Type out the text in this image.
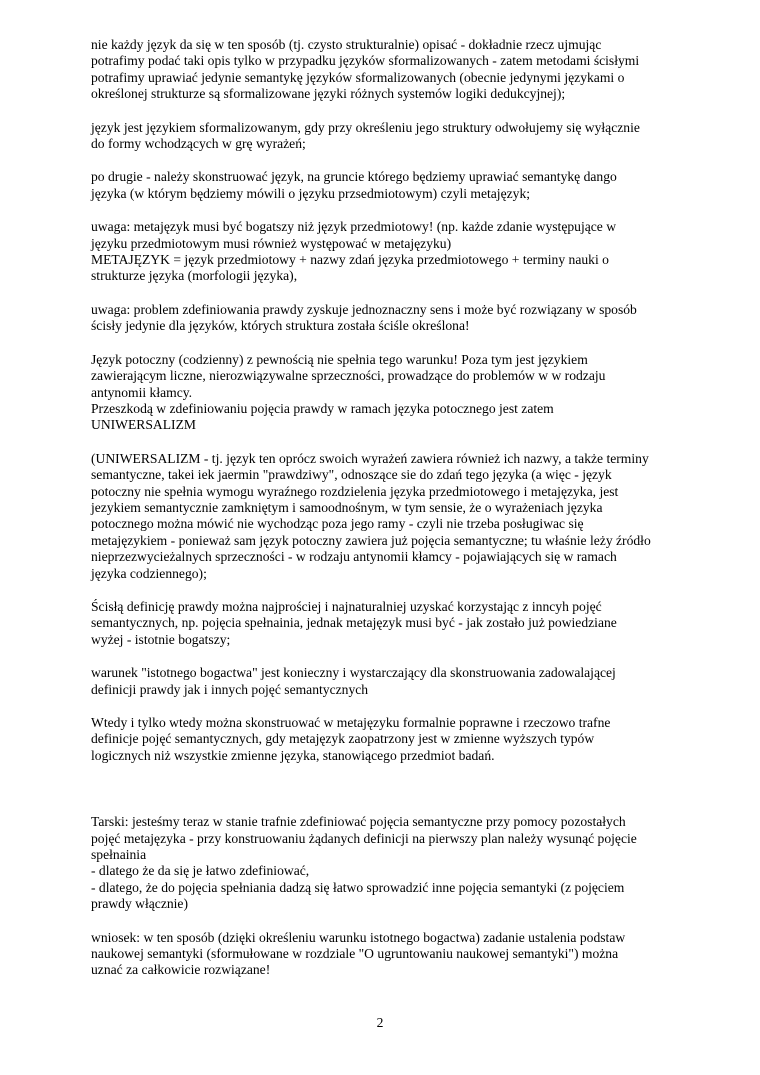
nie każdy język da się w ten sposób (tj. czysto strukturalnie) opisać - dokładnie rzecz ujmując
potrafimy podać taki opis tylko w przypadku języków sformalizowanych - zatem metodami ścisłymi
potrafimy uprawiać jedynie semantykę języków sformalizowanych (obecnie jedynymi językami o
określonej strukturze są sformalizowane języki różnych systemów logiki dedukcyjnej);

język jest językiem sformalizowanym, gdy przy określeniu jego struktury odwołujemy się wyłącznie
do formy wchodzących w grę wyrażeń;

po drugie - należy skonstruować język, na gruncie którego będziemy uprawiać semantykę dango
języka (w którym będziemy mówili o języku przsedmiotowym) czyli metajęzyk;

uwaga: metajęzyk musi być bogatszy niż język przedmiotowy! (np. każde zdanie występujące w
języku przedmiotowym musi również występować w metajęzyku)
METAJĘZYK = język przedmiotowy + nazwy zdań języka przedmiotowego + terminy nauki o
strukturze języka (morfologii języka),

uwaga: problem zdefiniowania prawdy zyskuje jednoznaczny sens i może być rozwiązany w sposób
ścisły jedynie dla języków, których struktura została ściśle określona!

Język potoczny (codzienny) z pewnością nie spełnia tego warunku! Poza tym jest językiem
zawierającym liczne, nierozwiązywalne sprzeczności, prowadzące do problemów w w rodzaju
antynomii kłamcy.
Przeszkodą w zdefiniowaniu pojęcia prawdy w ramach języka potocznego jest zatem
UNIWERSALIZM

(UNIWERSALIZM - tj. język ten oprócz swoich wyrażeń zawiera również ich nazwy, a także terminy
semantyczne, takei iek jaermin "prawdziwy", odnoszące sie do zdań tego języka (a więc - język
potoczny nie spełnia wymogu wyraźnego rozdzielenia języka przedmiotowego i metajęzyka, jest
jezykiem semantycznie zamkniętym i samoodnośnym, w tym sensie, że o wyrażeniach języka
potocznego można mówić nie wychodząc poza jego ramy - czyli nie trzeba posługiwac się
metajęzykiem - ponieważ sam język potoczny zawiera już pojęcia semantyczne; tu właśnie leży źródło
nieprzezwycieżalnych sprzeczności - w rodzaju antynomii kłamcy - pojawiających się w ramach
języka codziennego);

Ścisłą definicję prawdy można najprościej i najnaturalniej uzyskać korzystając z inncyh pojęć
semantycznych, np. pojęcia spełnainia, jednak metajęzyk musi być - jak zostało już powiedziane
wyżej - istotnie bogatszy;

warunek "istotnego bogactwa" jest konieczny i wystarczający dla skonstruowania zadowalającej
definicji prawdy jak i innych pojęć semantycznych

Wtedy i tylko wtedy można skonstruować w metajęzyku formalnie poprawne i rzeczowo trafne
definicje pojęć semantycznych, gdy metajęzyk zaopatrzony jest w zmienne wyższych typów
logicznych niż wszystkie zmienne języka, stanowiącego przedmiot badań.

Tarski: jesteśmy teraz w stanie trafnie zdefiniować pojęcia semantyczne przy pomocy pozostałych
pojęć metajęzyka - przy konstruowaniu żądanych definicji na pierwszy plan należy wysunąć pojęcie
spełnainia
- dlatego że da się je łatwo zdefiniować,
- dlatego, że do pojęcia spełniania dadzą się łatwo sprowadzić inne pojęcia semantyki (z pojęciem
prawdy włącznie)

wniosek: w ten sposób (dzięki określeniu warunku istotnego bogactwa) zadanie ustalenia podstaw
naukowej semantyki (sformułowane w rozdziale "O ugruntowaniu naukowej semantyki") można
uznać za całkowicie rozwiązane!

2
